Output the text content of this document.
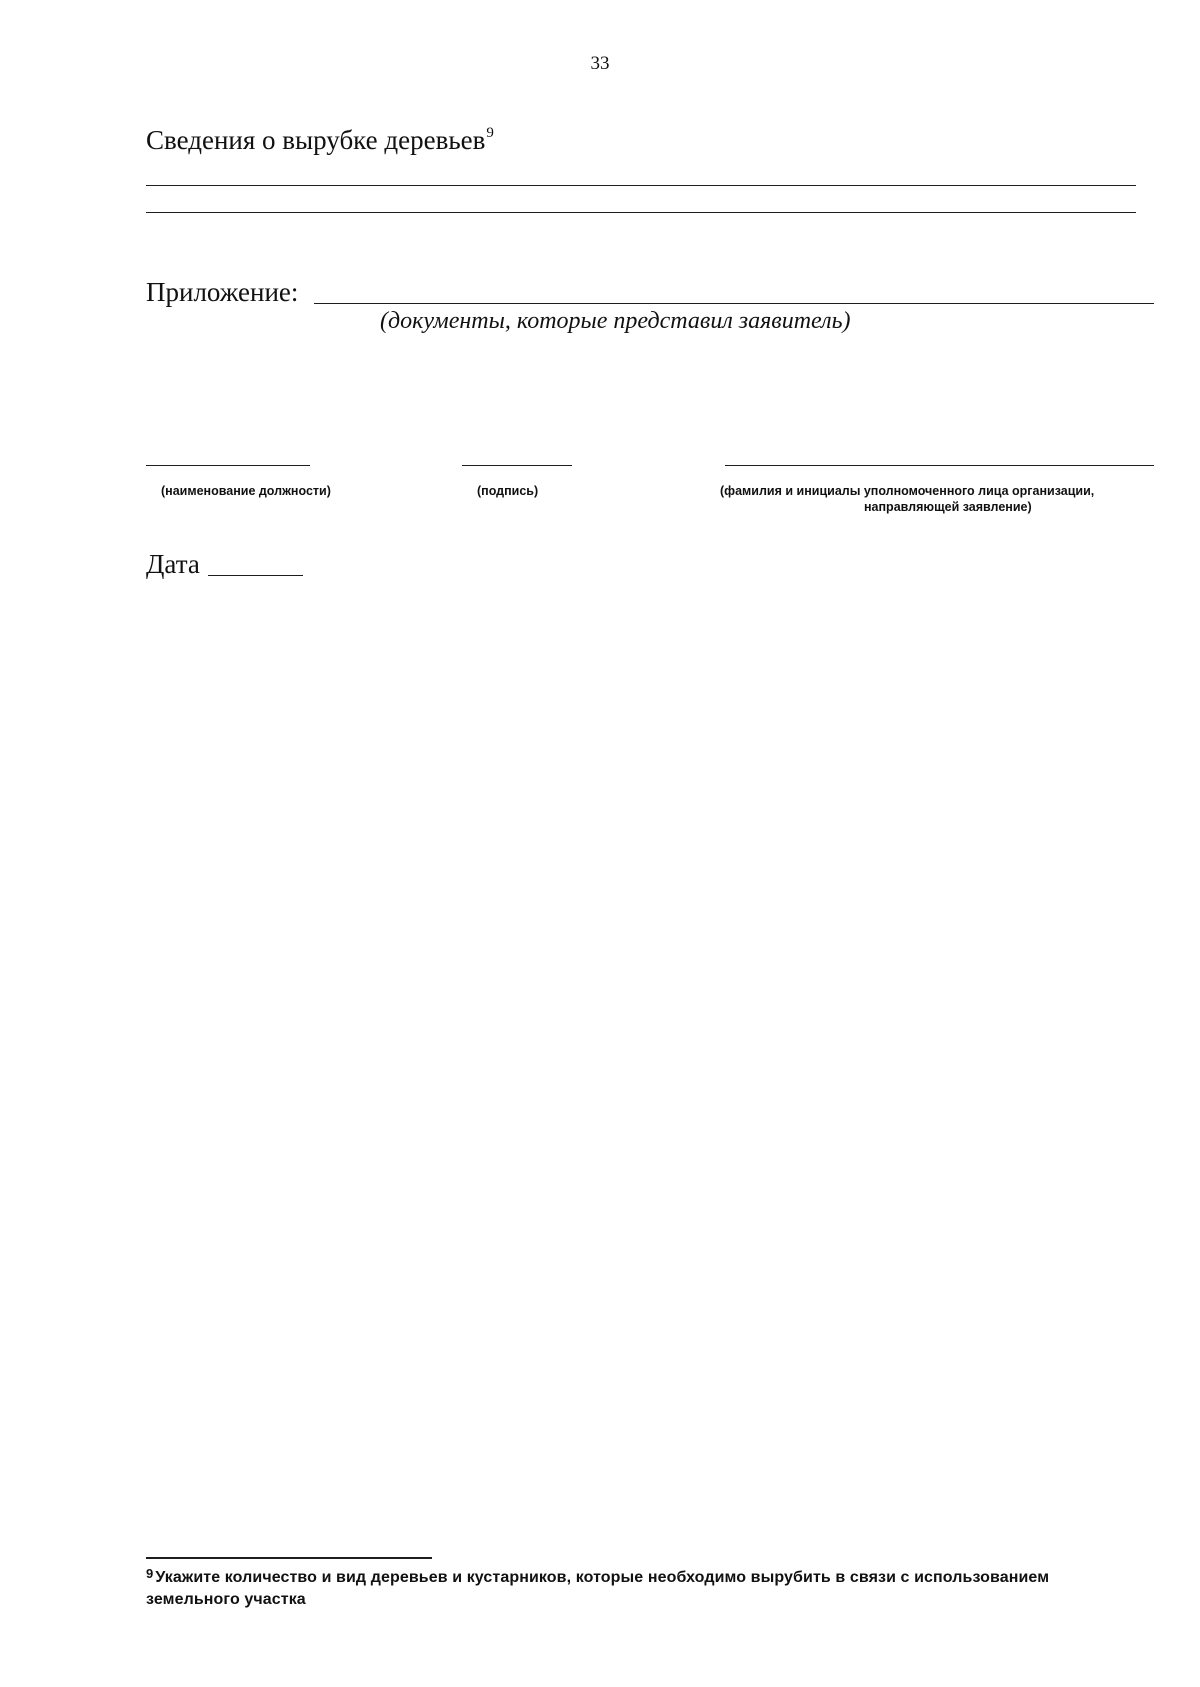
33
Сведения о вырубке деревьев$^9$
Приложение:
(документы, которые представил заявитель)
(наименование должности)	(подпись)	(фамилия и инициалы уполномоченного лица организации,
направляющей заявление)
Дата
$^9$ Укажите количество и вид деревьев и кустарников, которые необходимо вырубить в связи с использованием земельного участка
